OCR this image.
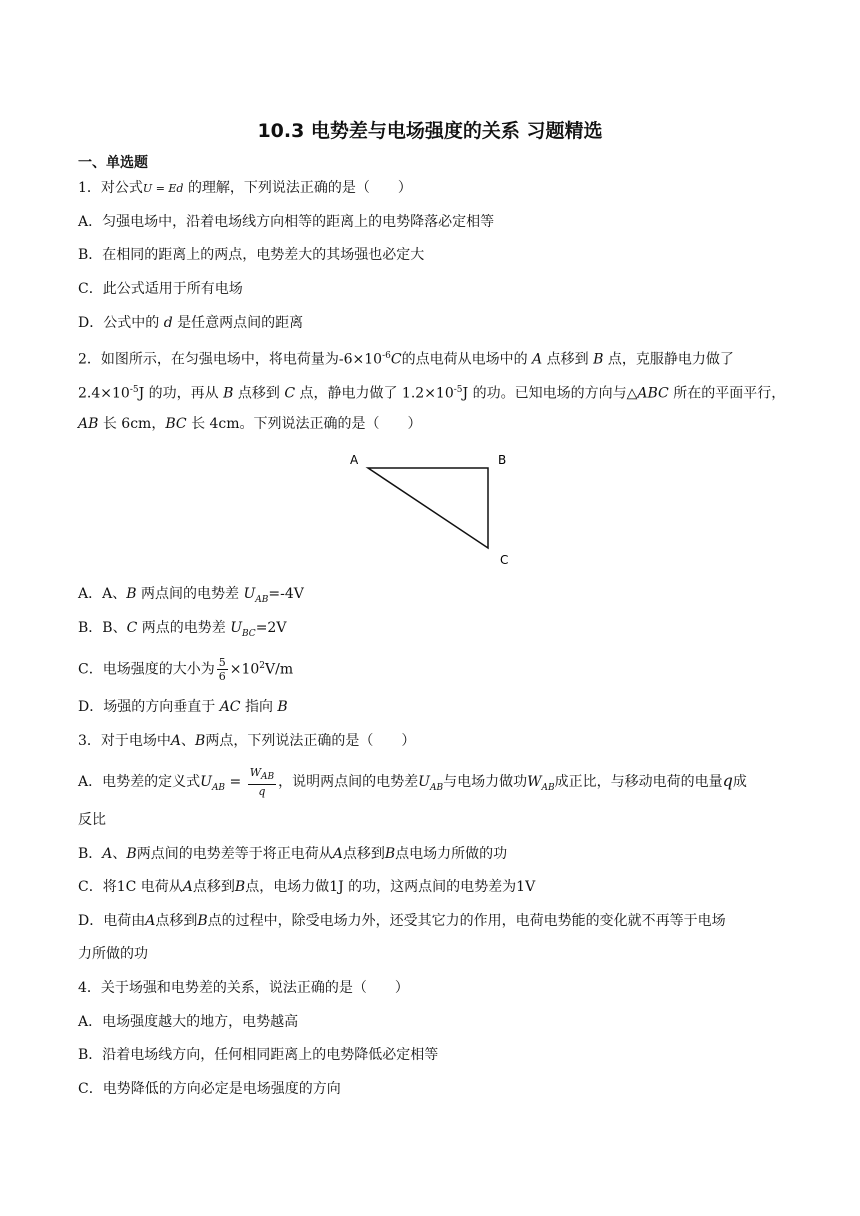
10.3 电势差与电场强度的关系 习题精选
一、单选题
1．对公式U = Ed 的理解，下列说法正确的是（　　）
A．匀强电场中，沿着电场线方向相等的距离上的电势降落必定相等
B．在相同的距离上的两点，电势差大的其场强也必定大
C．此公式适用于所有电场
D．公式中的 d 是任意两点间的距离
2．如图所示，在匀强电场中，将电荷量为$-6\times 10^{-6}C$的点电荷从电场中的 A 点移到 B 点，克服静电力做了
$2.4\times 10^{-5}J$ 的功，再从 B 点移到 C 点，静电力做了 $1.2\times 10^{-5}J$ 的功。已知电场的方向与△ABC 所在的平面平行，
AB 长 6cm，BC 长 4cm。下列说法正确的是（　　）
A	B
C
A．A、B 两点间的电势差 $U_{AB}=-4V$
B．B、C 两点的电势差 $U_{BC}=2V$
C．电场强度的大小为 $\frac{5}{6} \times 10^2V/m$
D．场强的方向垂直于 AC 指向 B
3．对于电场中A、B两点，下列说法正确的是（　　）
A．电势差的定义式$U_{AB} = \frac{W_{AB}}{q}$ ，说明两点间的电势差$U_{AB}$与电场力做功$W_{AB}$成正比，与移动电荷的电量q成
反比
B．A、B两点间的电势差等于将正电荷从A点移到B点电场力所做的功
C．将1C 电荷从A点移到B点，电场力做1J 的功，这两点间的电势差为1V
D．电荷由A点移到B点的过程中，除受电场力外，还受其它力的作用，电荷电势能的变化就不再等于电场
力所做的功
4．关于场强和电势差的关系，说法正确的是（　　）
A．电场强度越大的地方，电势越高
B．沿着电场线方向，任何相同距离上的电势降低必定相等
C．电势降低的方向必定是电场强度的方向
